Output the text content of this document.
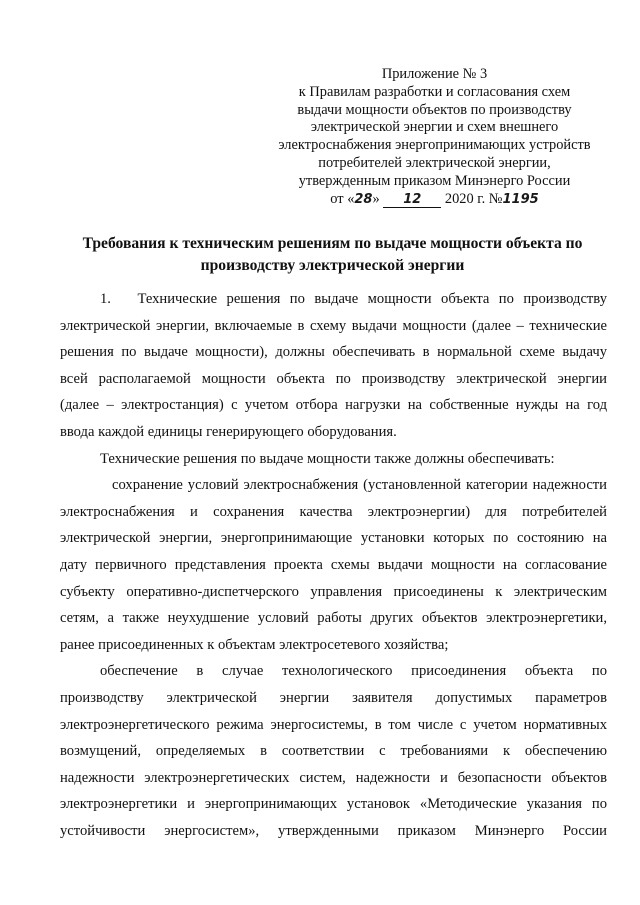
Приложение № 3
к Правилам разработки и согласования схем
выдачи мощности объектов по производству
электрической энергии и схем внешнего
электроснабжения энергопринимающих устройств
потребителей электрической энергии,
утвержденным приказом Минэнерго России
от «28» 12 2020 г. №1195
Требования к техническим решениям по выдаче мощности объекта по
производству электрической энергии
1. Технические решения по выдаче мощности объекта по производству
электрической энергии, включаемые в схему выдачи мощности (далее – технические
решения по выдаче мощности), должны обеспечивать в нормальной схеме выдачу
всей располагаемой мощности объекта по производству электрической энергии
(далее – электростанция) с учетом отбора нагрузки на собственные нужды на год
ввода каждой единицы генерирующего оборудования.
Технические решения по выдаче мощности также должны обеспечивать:
сохранение условий электроснабжения (установленной категории надежности
электроснабжения и сохранения качества электроэнергии) для потребителей
электрической энергии, энергопринимающие установки которых по состоянию на
дату первичного представления проекта схемы выдачи мощности на согласование
субъекту оперативно-диспетчерского управления присоединены к электрическим
сетям, а также неухудшение условий работы других объектов электроэнергетики,
ранее присоединенных к объектам электросетевого хозяйства;
обеспечение в случае технологического присоединения объекта по
производству электрической энергии заявителя допустимых параметров
электроэнергетического режима энергосистемы, в том числе с учетом нормативных
возмущений, определяемых в соответствии с требованиями к обеспечению
надежности электроэнергетических систем, надежности и безопасности объектов
электроэнергетики и энергопринимающих установок «Методические указания по
устойчивости энергосистем», утвержденными приказом Минэнерго России
